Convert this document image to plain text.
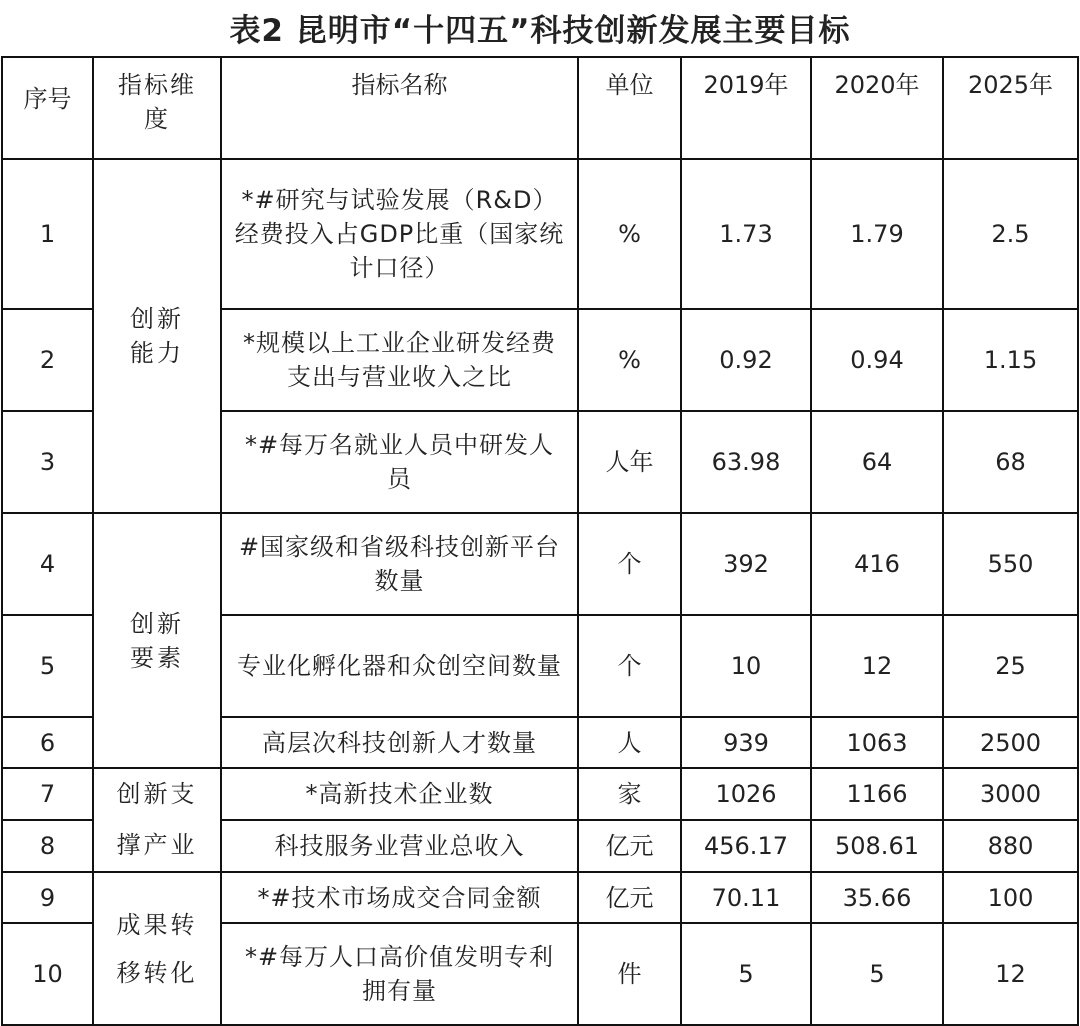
表2 昆明市“十四五”科技创新发展主要目标
序号	指标维度	指标名称	单位	2019年	2020年	2025年
1	创新能力	*#研究与试验发展（R&D）经费投入占GDP比重（国家统计口径）	%	1.73	1.79	2.5
2		*规模以上工业企业研发经费支出与营业收入之比	%	0.92	0.94	1.15
3		*#每万名就业人员中研发人员	人年	63.98	64	68
4	创新要素	#国家级和省级科技创新平台数量	个	392	416	550
5		专业化孵化器和众创空间数量	个	10	12	25
6		高层次科技创新人才数量	人	939	1063	2500
7	创新支撑产业	*高新技术企业数	家	1026	1166	3000
8		科技服务业营业总收入	亿元	456.17	508.61	880
9	成果转移转化	*#技术市场成交合同金额	亿元	70.11	35.66	100
10		*#每万人口高价值发明专利拥有量	件	5	5	12
